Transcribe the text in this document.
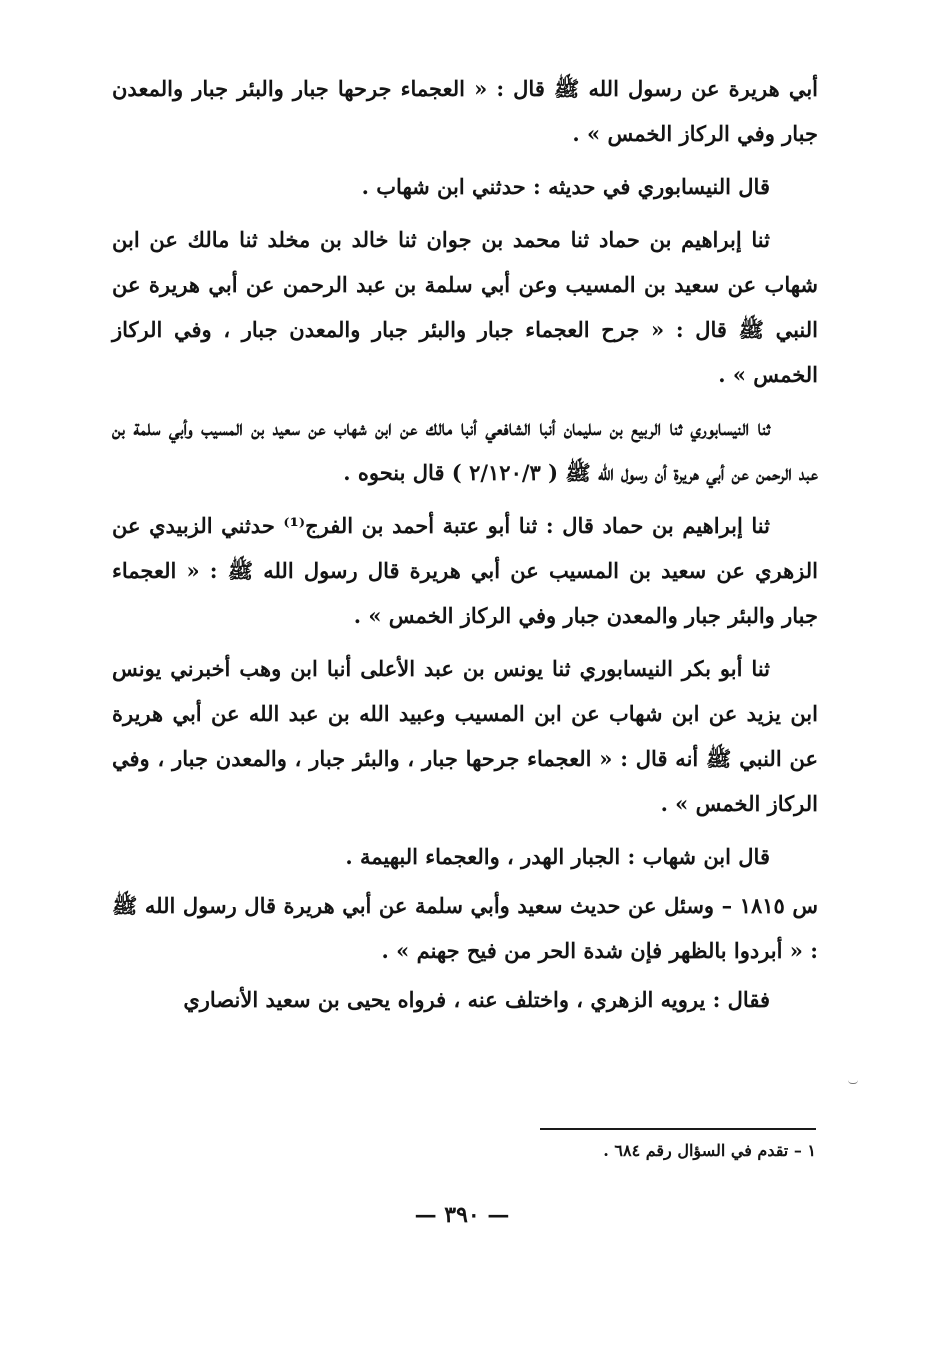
أبي هريرة عن رسول الله ﷺ قال : « العجماء جرحها جبار والبئر جبار والمعدن جبار وفي الركاز الخمس » .

قال النيسابوري في حديثه : حدثني ابن شهاب .

ثنا إبراهيم بن حماد ثنا محمد بن جوان ثنا خالد بن مخلد ثنا مالك عن ابن شهاب عن سعيد بن المسيب وعن أبي سلمة بن عبد الرحمن عن أبي هريرة عن النبي ﷺ قال : « جرح العجماء جبار والبئر جبار والمعدن جبار ، وفي الركاز الخمس » .

ثنا النيسابوري ثنا الربيع بن سليمان أنبا الشافعي أنبا مالك عن ابن شهاب عن سعيد بن المسيب وأبي سلمة بن عبد الرحمن عن أبي هريرة أن رسول الله ﷺ ( ٢/١٢٠/٣ ) قال بنحوه .

ثنا إبراهيم بن حماد قال : ثنا أبو عتبة أحمد بن الفرج⁽¹⁾ حدثني الزبيدي عن الزهري عن سعيد بن المسيب عن أبي هريرة قال رسول الله ﷺ : « العجماء جبار والبئر جبار والمعدن جبار وفي الركاز الخمس » .

ثنا أبو بكر النيسابوري ثنا يونس بن عبد الأعلى أنبا ابن وهب أخبرني يونس ابن يزيد عن ابن شهاب عن ابن المسيب وعبيد الله بن عبد الله عن أبي هريرة عن النبي ﷺ أنه قال : « العجماء جرحها جبار ، والبئر جبار ، والمعدن جبار ، وفي الركاز الخمس » .

قال ابن شهاب : الجبار الهدر ، والعجماء البهيمة .

س ١٨١٥ – وسئل عن حديث سعيد وأبي سلمة عن أبي هريرة قال رسول الله ﷺ : « أبردوا بالظهر فإن شدة الحر من فيح جهنم » .

فقال : يرويه الزهري ، واختلف عنه ، فرواه يحيى بن سعيد الأنصاري

١ – تقدم في السؤال رقم ٦٨٤ .
— ٣٩٠ —
